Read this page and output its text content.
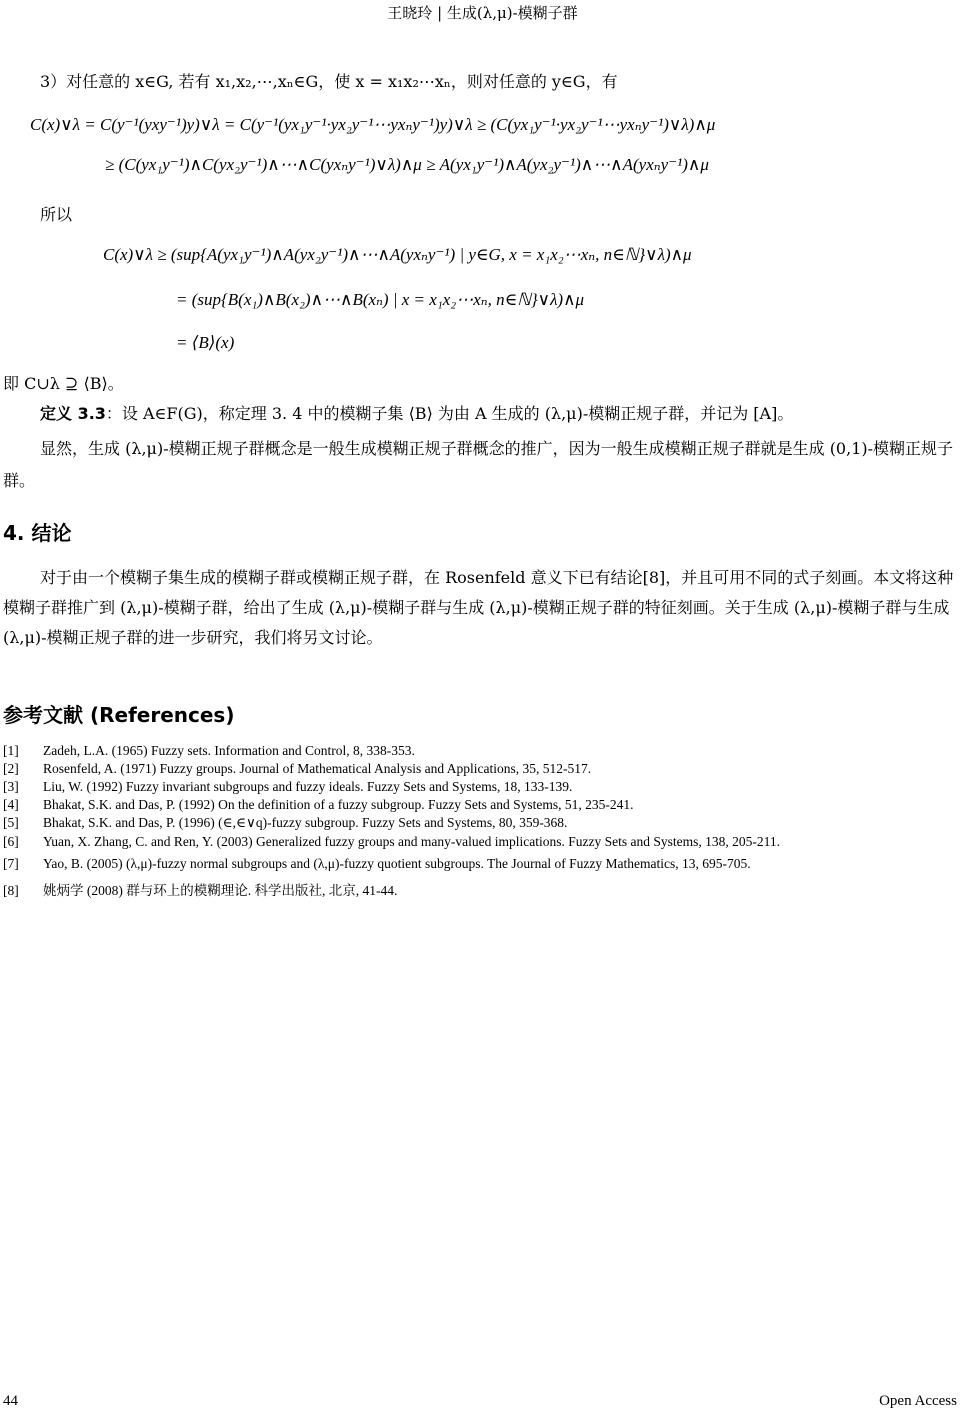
王晓玲 | 生成(λ,μ)-模糊子群
3）对任意的 x∈G, 若有 x₁,x₂,⋯,xₙ∈G，使 x = x₁x₂⋯xₙ，则对任意的 y∈G，有
C(x)∨λ = C(y⁻¹(yxy⁻¹)y)∨λ = C(y⁻¹(yx₁y⁻¹·yx₂y⁻¹⋯yxₙy⁻¹)y)∨λ ≥ (C(yx₁y⁻¹·yx₂y⁻¹⋯yxₙy⁻¹)∨λ)∧μ
≥ (C(yx₁y⁻¹)∧C(yx₂y⁻¹)∧⋯∧C(yxₙy⁻¹)∨λ)∧μ ≥ A(yx₁y⁻¹)∧A(yx₂y⁻¹)∧⋯∧A(yxₙy⁻¹)∧μ
所以
C(x)∨λ ≥ (sup{A(yx₁y⁻¹)∧A(yx₂y⁻¹)∧⋯∧A(yxₙy⁻¹) | y∈G, x = x₁x₂⋯xₙ, n∈ℕ}∨λ)∧μ
= (sup{B(x₁)∧B(x₂)∧⋯∧B(xₙ) | x = x₁x₂⋯xₙ, n∈ℕ}∨λ)∧μ
= ⟨B⟩(x)
即 C∪λ ⊇ ⟨B⟩。
定义 3.3：设 A∈F(G)，称定理 3. 4 中的模糊子集 ⟨B⟩ 为由 A 生成的 (λ,μ)-模糊正规子群，并记为 [A]。
显然，生成 (λ,μ)-模糊正规子群概念是一般生成模糊正规子群概念的推广，因为一般生成模糊正规子群就是生成 (0,1)-模糊正规子群。
4. 结论
对于由一个模糊子集生成的模糊子群或模糊正规子群，在 Rosenfeld 意义下已有结论[8]，并且可用不同的式子刻画。本文将这种模糊子群推广到 (λ,μ)-模糊子群，给出了生成 (λ,μ)-模糊子群与生成 (λ,μ)-模糊正规子群的特征刻画。关于生成 (λ,μ)-模糊子群与生成 (λ,μ)-模糊正规子群的进一步研究，我们将另文讨论。
参考文献 (References)
[1] Zadeh, L.A. (1965) Fuzzy sets. Information and Control, 8, 338-353.
[2] Rosenfeld, A. (1971) Fuzzy groups. Journal of Mathematical Analysis and Applications, 35, 512-517.
[3] Liu, W. (1992) Fuzzy invariant subgroups and fuzzy ideals. Fuzzy Sets and Systems, 18, 133-139.
[4] Bhakat, S.K. and Das, P. (1992) On the definition of a fuzzy subgroup. Fuzzy Sets and Systems, 51, 235-241.
[5] Bhakat, S.K. and Das, P. (1996) (∈,∈∨q)-fuzzy subgroup. Fuzzy Sets and Systems, 80, 359-368.
[6] Yuan, X. Zhang, C. and Ren, Y. (2003) Generalized fuzzy groups and many-valued implications. Fuzzy Sets and Systems, 138, 205-211.
[7] Yao, B. (2005) (λ,μ)-fuzzy normal subgroups and (λ,μ)-fuzzy quotient subgroups. The Journal of Fuzzy Mathematics, 13, 695-705.
[8] 姚炳学 (2008) 群与环上的模糊理论. 科学出版社, 北京, 41-44.
44	Open Access
